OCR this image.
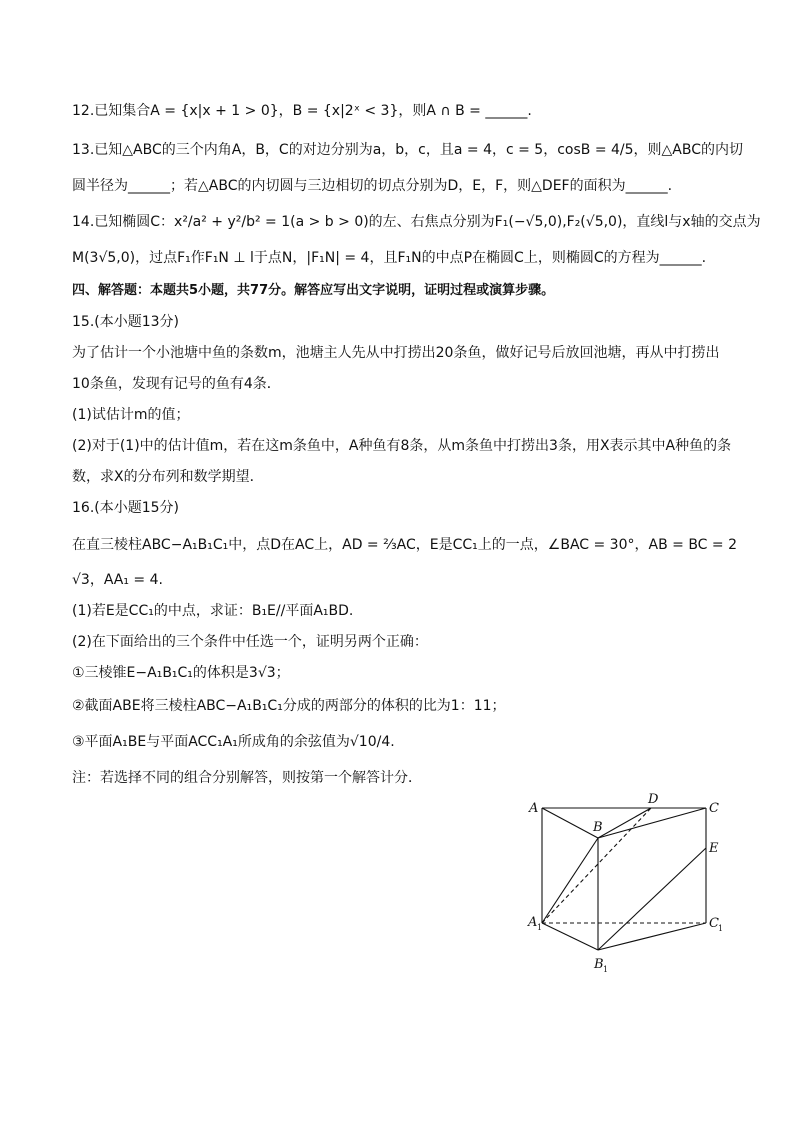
12.已知集合A = {x|x + 1 > 0}，B = {x|2ˣ < 3}，则A ∩ B = ______.
13.已知△ABC的三个内角A，B，C的对边分别为a，b，c，且a = 4，c = 5，cosB = 4/5，则△ABC的内切
圆半径为______；若△ABC的内切圆与三边相切的切点分别为D，E，F，则△DEF的面积为______.
14.已知椭圆C：x²/a² + y²/b² = 1(a > b > 0)的左、右焦点分别为F₁(−√5,0),F₂(√5,0)，直线l与x轴的交点为
M(3√5,0)，过点F₁作F₁N ⊥ l于点N，|F₁N| = 4，且F₁N的中点P在椭圆C上，则椭圆C的方程为______.
四、解答题：本题共5小题，共77分。解答应写出文字说明，证明过程或演算步骤。
15.(本小题13分)
为了估计一个小池塘中鱼的条数m，池塘主人先从中打捞出20条鱼，做好记号后放回池塘，再从中打捞出
10条鱼，发现有记号的鱼有4条．
(1)试估计m的值；
(2)对于(1)中的估计值m，若在这m条鱼中，A种鱼有8条，从m条鱼中打捞出3条，用X表示其中A种鱼的条
数，求X的分布列和数学期望．
16.(本小题15分)
在直三棱柱ABC−A₁B₁C₁中，点D在AC上，AD = ⅔AC，E是CC₁上的一点，∠BAC = 30°，AB = BC = 2
√3，AA₁ = 4.
(1)若E是CC₁的中点，求证：B₁E//平面A₁BD.
(2)在下面给出的三个条件中任选一个，证明另两个正确：
①三棱锥E−A₁B₁C₁的体积是3√3；
②截面ABE将三棱柱ABC−A₁B₁C₁分成的两部分的体积的比为1：11；
③平面A₁BE与平面ACC₁A₁所成角的余弦值为√10/4.
注：若选择不同的组合分别解答，则按第一个解答计分．
A
B
D
C
E
A 1	C 1
B 1
